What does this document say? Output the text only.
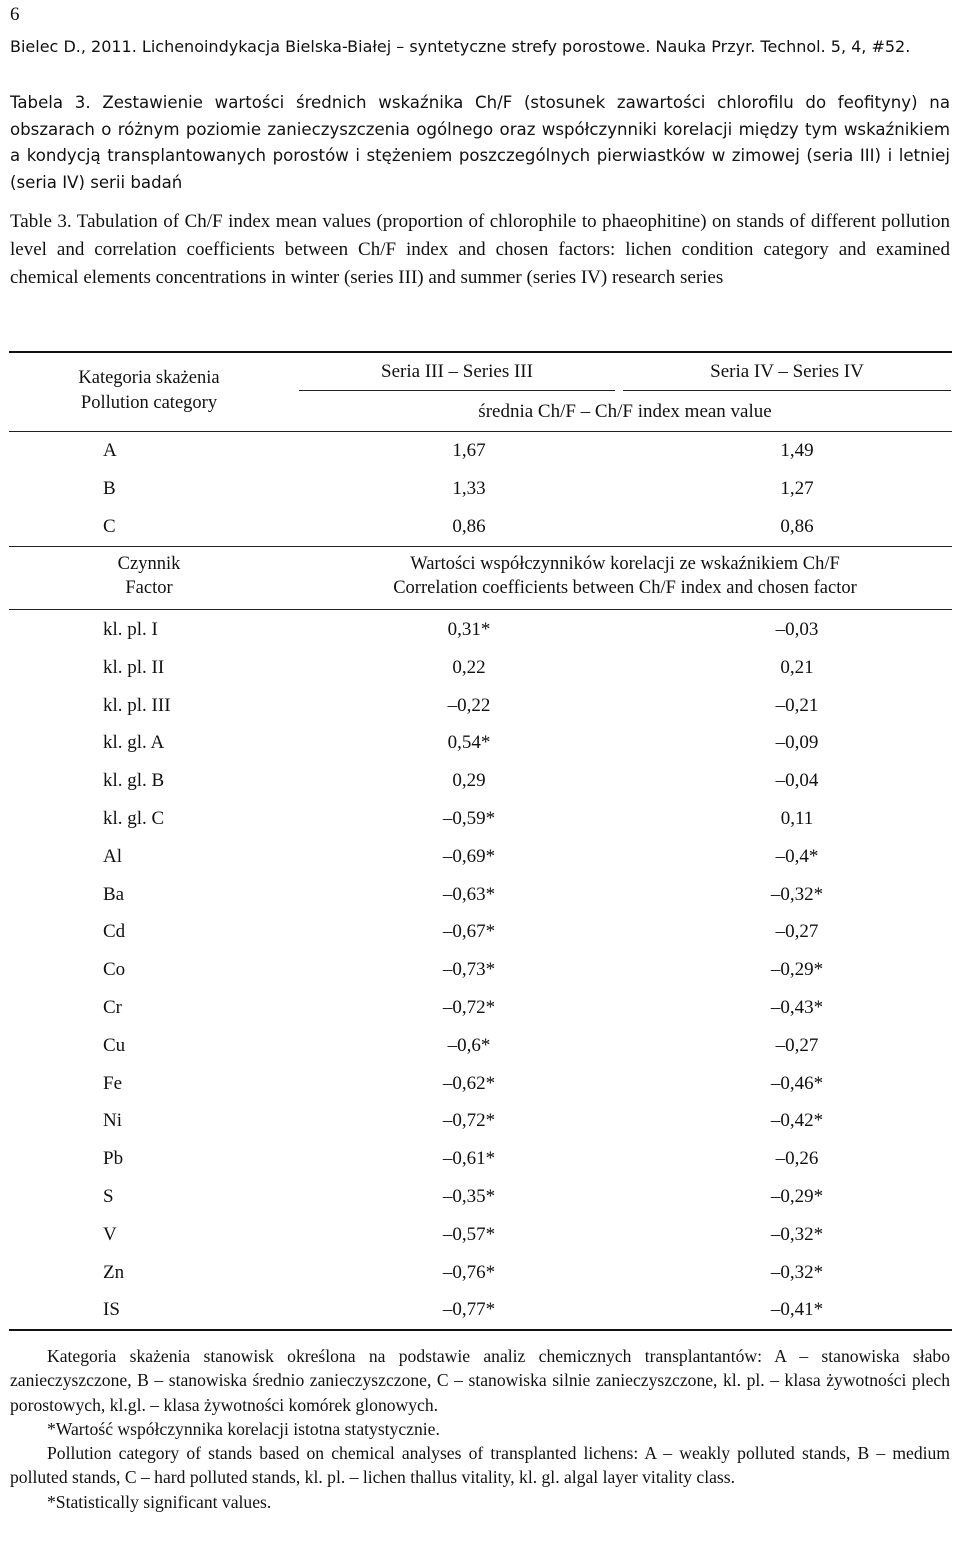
6
Bielec D., 2011. Lichenoindykacja Bielska-Białej – syntetyczne strefy porostowe. Nauka Przyr. Technol. 5, 4, #52.
Tabela 3. Zestawienie wartości średnich wskaźnika Ch/F (stosunek zawartości chlorofilu do feofityny) na obszarach o różnym poziomie zanieczyszczenia ogólnego oraz współczynniki korelacji między tym wskaźnikiem a kondycją transplantowanych porostów i stężeniem poszczególnych pierwiastków w zimowej (seria III) i letniej (seria IV) serii badań
Table 3. Tabulation of Ch/F index mean values (proportion of chlorophile to phaeophitine) on stands of different pollution level and correlation coefficients between Ch/F index and chosen factors: lichen condition category and examined chemical elements concentrations in winter (series III) and summer (series IV) research series
Kategoria skażenia
Pollution category
Seria III – Series III	Seria IV – Series IV
średnia Ch/F – Ch/F index mean value
A	1,67	1,49
B	1,33	1,27
C	0,86	0,86
Czynnik
Factor
Wartości współczynników korelacji ze wskaźnikiem Ch/F
Correlation coefficients between Ch/F index and chosen factor
kl. pl. I	0,31*	–0,03
kl. pl. II	0,22	0,21
kl. pl. III	–0,22	–0,21
kl. gl. A	0,54*	–0,09
kl. gl. B	0,29	–0,04
kl. gl. C	–0,59*	0,11
Al	–0,69*	–0,4*
Ba	–0,63*	–0,32*
Cd	–0,67*	–0,27
Co	–0,73*	–0,29*
Cr	–0,72*	–0,43*
Cu	–0,6*	–0,27
Fe	–0,62*	–0,46*
Ni	–0,72*	–0,42*
Pb	–0,61*	–0,26
S	–0,35*	–0,29*
V	–0,57*	–0,32*
Zn	–0,76*	–0,32*
IS	–0,77*	–0,41*

Kategoria skażenia stanowisk określona na podstawie analiz chemicznych transplantantów: A – stanowiska słabo zanieczyszczone, B – stanowiska średnio zanieczyszczone, C – stanowiska silnie zanieczyszczone, kl. pl. – klasa żywotności plech porostowych, kl.gl. – klasa żywotności komórek glonowych.

*Wartość współczynnika korelacji istotna statystycznie.

Pollution category of stands based on chemical analyses of transplanted lichens: A – weakly polluted stands, B – medium polluted stands, C – hard polluted stands, kl. pl. – lichen thallus vitality, kl. gl. algal layer vitality class.

*Statistically significant values.
